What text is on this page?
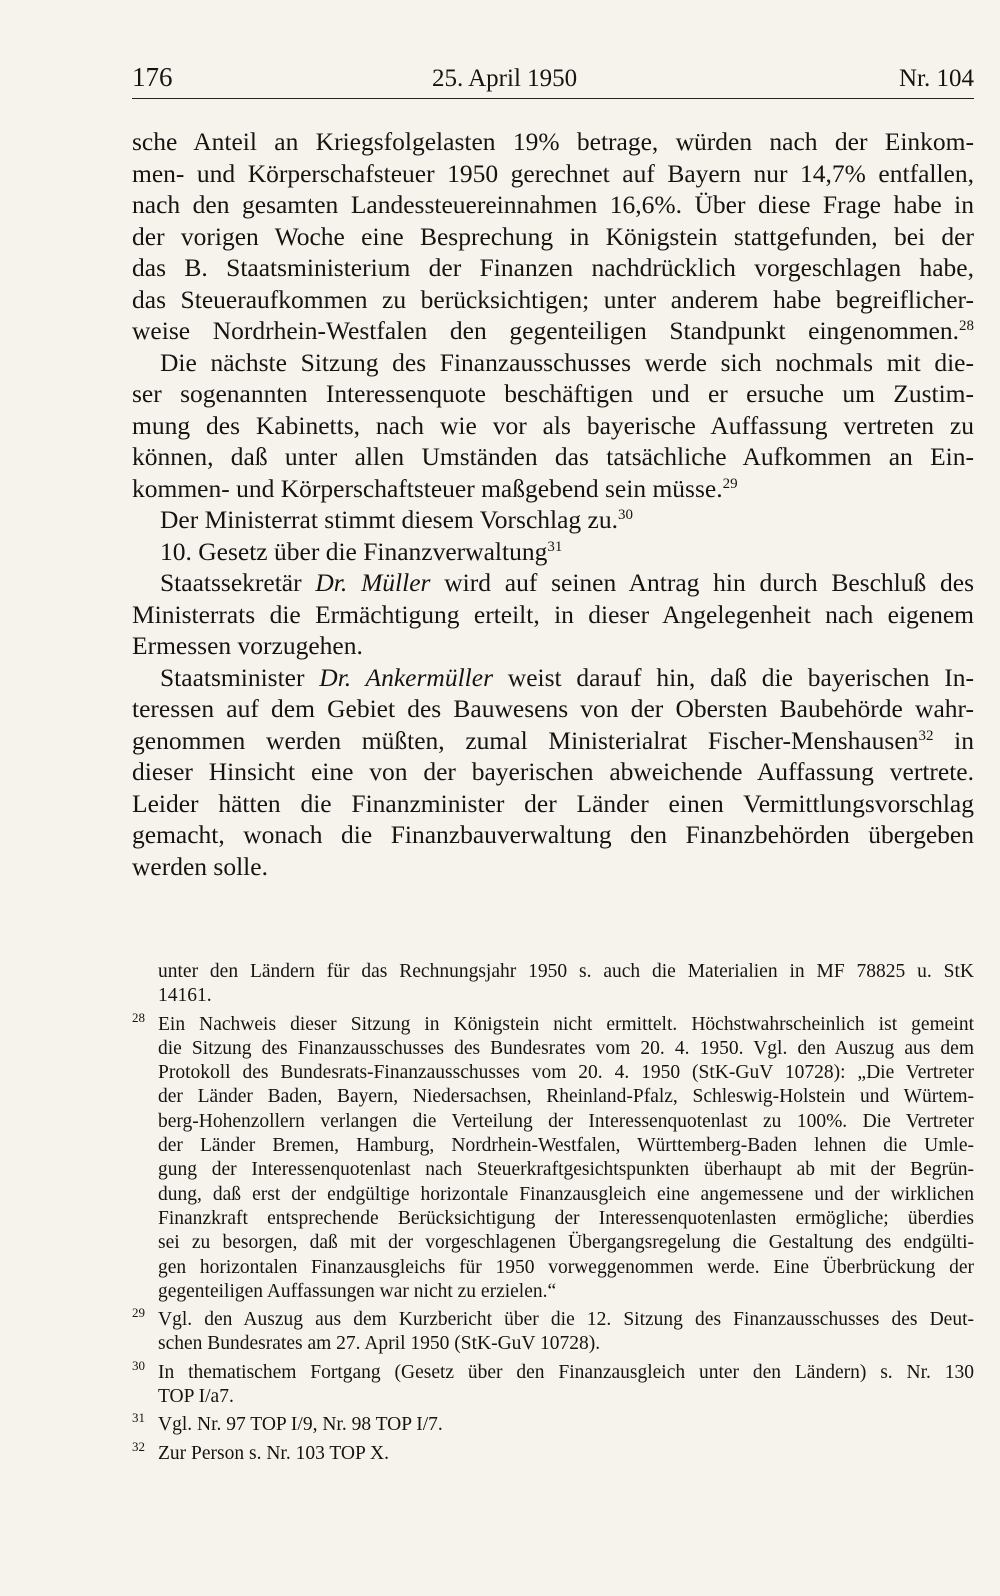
176	25. April 1950	Nr. 104
sche Anteil an Kriegsfolgelasten 19% betrage, würden nach der Einkom-
men- und Körperschafsteuer 1950 gerechnet auf Bayern nur 14,7% entfallen,
nach den gesamten Landessteuereinnahmen 16,6%. Über diese Frage habe in
der vorigen Woche eine Besprechung in Königstein stattgefunden, bei der
das B. Staatsministerium der Finanzen nachdrücklich vorgeschlagen habe,
das Steueraufkommen zu berücksichtigen; unter anderem habe begreiflicher-
weise Nordrhein-Westfalen den gegenteiligen Standpunkt eingenommen.$^{28}$
Die nächste Sitzung des Finanzausschusses werde sich nochmals mit die-
ser sogenannten Interessenquote beschäftigen und er ersuche um Zustim-
mung des Kabinetts, nach wie vor als bayerische Auffassung vertreten zu
können, daß unter allen Umständen das tatsächliche Aufkommen an Ein-
kommen- und Körperschaftsteuer maßgebend sein müsse.$^{29}$
Der Ministerrat stimmt diesem Vorschlag zu.$^{30}$
10. Gesetz über die Finanzverwaltung$^{31}$
Staatssekretär Dr. Müller wird auf seinen Antrag hin durch Beschluß des
Ministerrats die Ermächtigung erteilt, in dieser Angelegenheit nach eigenem
Ermessen vorzugehen.
Staatsminister Dr. Ankermüller weist darauf hin, daß die bayerischen In-
teressen auf dem Gebiet des Bauwesens von der Obersten Baubehörde wahr-
genommen werden müßten, zumal Ministerialrat Fischer-Menshausen$^{32}$ in
dieser Hinsicht eine von der bayerischen abweichende Auffassung vertrete.
Leider hätten die Finanzminister der Länder einen Vermittlungsvorschlag
gemacht, wonach die Finanzbauverwaltung den Finanzbehörden übergeben
werden solle.
unter den Ländern für das Rechnungsjahr 1950 s. auch die Materialien in MF 78825 u. StK
14161.
28 Ein Nachweis dieser Sitzung in Königstein nicht ermittelt. Höchstwahrscheinlich ist gemeint
die Sitzung des Finanzausschusses des Bundesrates vom 20. 4. 1950. Vgl. den Auszug aus dem
Protokoll des Bundesrats-Finanzausschusses vom 20. 4. 1950 (StK-GuV 10728): „Die Vertreter
der Länder Baden, Bayern, Niedersachsen, Rheinland-Pfalz, Schleswig-Holstein und Würtem-
berg-Hohenzollern verlangen die Verteilung der Interessenquotenlast zu 100%. Die Vertreter
der Länder Bremen, Hamburg, Nordrhein-Westfalen, Württemberg-Baden lehnen die Umle-
gung der Interessenquotenlast nach Steuerkraftgesichtspunkten überhaupt ab mit der Begrün-
dung, daß erst der endgültige horizontale Finanzausgleich eine angemessene und der wirklichen
Finanzkraft entsprechende Berücksichtigung der Interessenquotenlasten ermögliche; überdies
sei zu besorgen, daß mit der vorgeschlagenen Übergangsregelung die Gestaltung des endgülti-
gen horizontalen Finanzausgleichs für 1950 vorweggenommen werde. Eine Überbrückung der
gegenteiligen Auffassungen war nicht zu erzielen.“
29 Vgl. den Auszug aus dem Kurzbericht über die 12. Sitzung des Finanzausschusses des Deut-
schen Bundesrates am 27. April 1950 (StK-GuV 10728).
30 In thematischem Fortgang (Gesetz über den Finanzausgleich unter den Ländern) s. Nr. 130
TOP I/a7.
31 Vgl. Nr. 97 TOP I/9, Nr. 98 TOP I/7.
32 Zur Person s. Nr. 103 TOP X.
